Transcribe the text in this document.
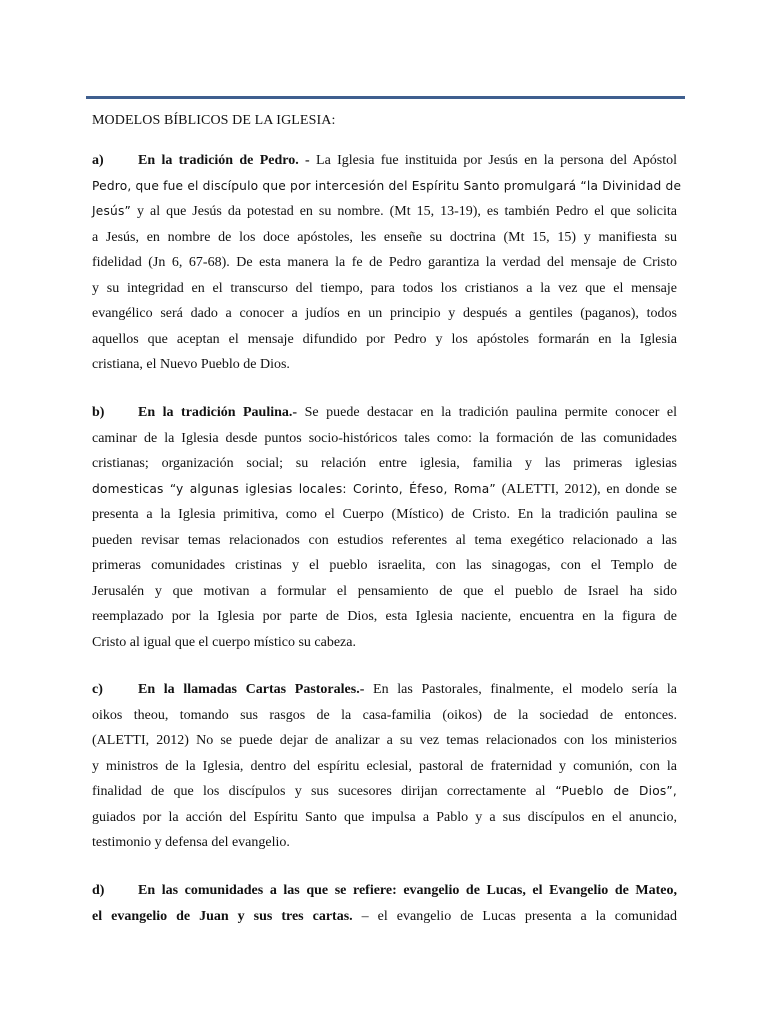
MODELOS BÍBLICOS DE LA IGLESIA:
a) En la tradición de Pedro. - La Iglesia fue instituida por Jesús en la persona del Apóstol
Pedro, que fue el discípulo que por intercesión del Espíritu Santo promulgará “la Divinidad de
Jesús” y al que Jesús da potestad en su nombre. (Mt 15, 13-19), es también Pedro el que solicita
a Jesús, en nombre de los doce apóstoles, les enseñe su doctrina (Mt 15, 15) y manifiesta su
fidelidad (Jn 6, 67-68). De esta manera la fe de Pedro garantiza la verdad del mensaje de Cristo
y su integridad en el transcurso del tiempo, para todos los cristianos a la vez que el mensaje
evangélico será dado a conocer a judíos en un principio y después a gentiles (paganos), todos
aquellos que aceptan el mensaje difundido por Pedro y los apóstoles formarán en la Iglesia
cristiana, el Nuevo Pueblo de Dios.
b) En la tradición Paulina.- Se puede destacar en la tradición paulina permite conocer el
caminar de la Iglesia desde puntos socio-históricos tales como: la formación de las comunidades
cristianas; organización social; su relación entre iglesia, familia y las primeras iglesias
domesticas “y algunas iglesias locales: Corinto, Éfeso, Roma” (ALETTI, 2012), en donde se
presenta a la Iglesia primitiva, como el Cuerpo (Místico) de Cristo. En la tradición paulina se
pueden revisar temas relacionados con estudios referentes al tema exegético relacionado a las
primeras comunidades cristinas y el pueblo israelita, con las sinagogas, con el Templo de
Jerusalén y que motivan a formular el pensamiento de que el pueblo de Israel ha sido
reemplazado por la Iglesia por parte de Dios, esta Iglesia naciente, encuentra en la figura de
Cristo al igual que el cuerpo místico su cabeza.
c)	En la llamadas Cartas Pastorales.- En las Pastorales, finalmente, el modelo sería la
oikos theou, tomando sus rasgos de la casa-familia (oikos) de la sociedad de entonces.
(ALETTI, 2012) No se puede dejar de analizar a su vez temas relacionados con los ministerios
y ministros de la Iglesia, dentro del espíritu eclesial, pastoral de fraternidad y comunión, con la
finalidad de que los discípulos y sus sucesores dirijan correctamente al “Pueblo de Dios”,
guiados por la acción del Espíritu Santo que impulsa a Pablo y a sus discípulos en el anuncio,
testimonio y defensa del evangelio.
d) En las comunidades a las que se refiere: evangelio de Lucas, el Evangelio de Mateo,
el evangelio de Juan y sus tres cartas. – el evangelio de Lucas presenta a la comunidad
